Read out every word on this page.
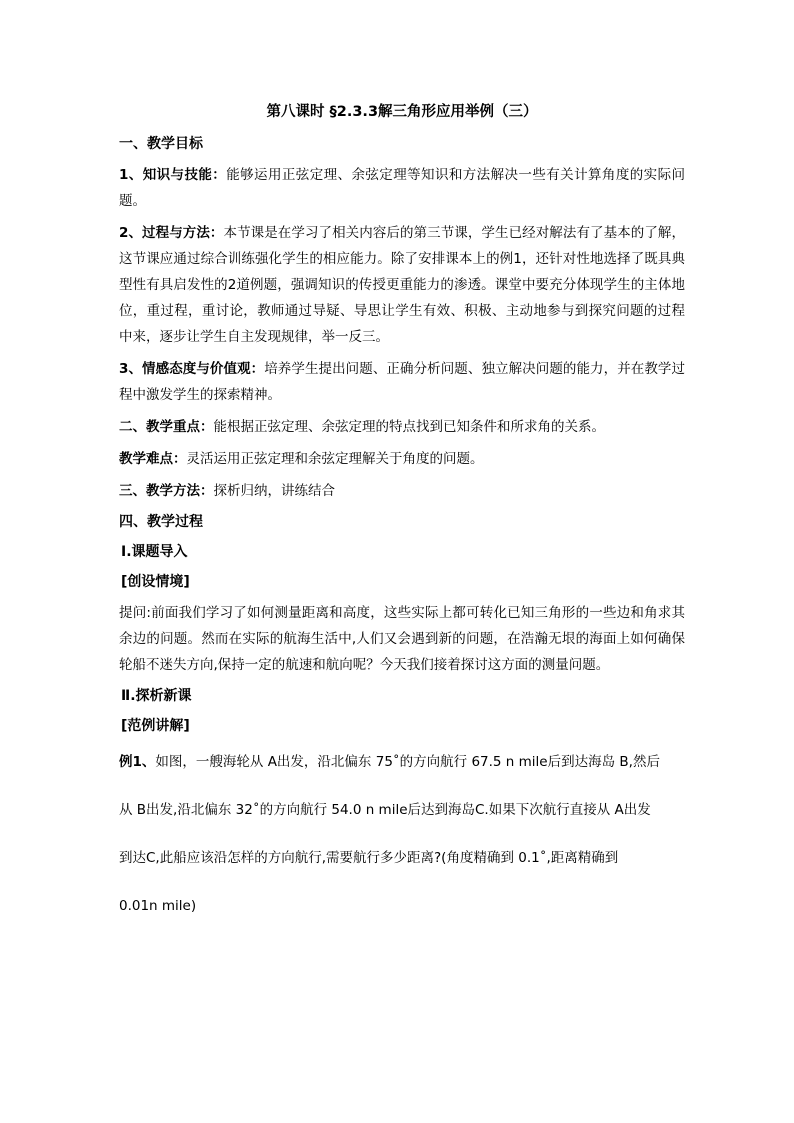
第八课时 §2.3.3解三角形应用举例（三）
一、教学目标
1、知识与技能：能够运用正弦定理、余弦定理等知识和方法解决一些有关计算角度的实际问题。
2、过程与方法：本节课是在学习了相关内容后的第三节课，学生已经对解法有了基本的了解，这节课应通过综合训练强化学生的相应能力。除了安排课本上的例1，还针对性地选择了既具典型性有具启发性的2道例题，强调知识的传授更重能力的渗透。课堂中要充分体现学生的主体地位，重过程，重讨论，教师通过导疑、导思让学生有效、积极、主动地参与到探究问题的过程中来，逐步让学生自主发现规律，举一反三。
3、情感态度与价值观：培养学生提出问题、正确分析问题、独立解决问题的能力，并在教学过程中激发学生的探索精神。
二、教学重点：能根据正弦定理、余弦定理的特点找到已知条件和所求角的关系。
教学难点：灵活运用正弦定理和余弦定理解关于角度的问题。
三、教学方法：探析归纳，讲练结合
四、教学过程
Ⅰ.课题导入
[创设情境]
提问:前面我们学习了如何测量距离和高度，这些实际上都可转化已知三角形的一些边和角求其余边的问题。然而在实际的航海生活中,人们又会遇到新的问题，在浩瀚无垠的海面上如何确保轮船不迷失方向,保持一定的航速和航向呢？今天我们接着探讨这方面的测量问题。
Ⅱ.探析新课
[范例讲解]
例1、如图，一艘海轮从 A出发，沿北偏东 75˚的方向航行 67.5 n mile后到达海岛 B,然后
从 B出发,沿北偏东 32˚的方向航行 54.0 n mile后达到海岛C.如果下次航行直接从 A出发
到达C,此船应该沿怎样的方向航行,需要航行多少距离?(角度精确到 0.1˚,距离精确到
0.01n mile)
